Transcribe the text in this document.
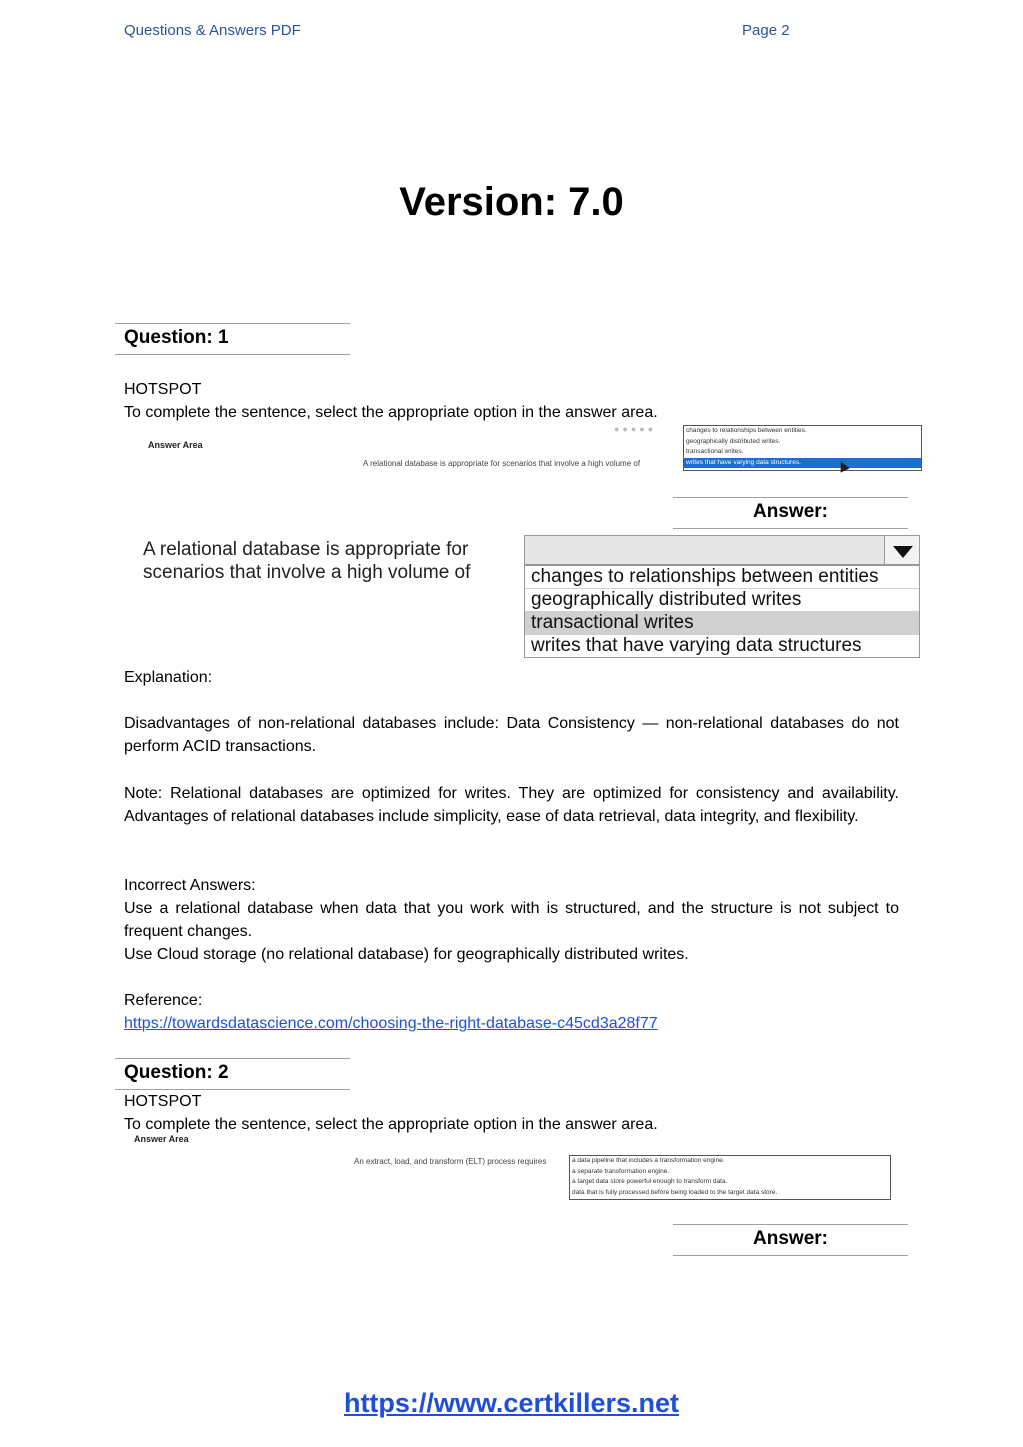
Questions & Answers PDF	Page 2
Version: 7.0
Question: 1
HOTSPOT
To complete the sentence, select the appropriate option in the answer area.
Answer Area
●●●●●
A relational database is appropriate for scenarios that involve a high volume of
changes to relationships between entities.
geographically distributed writes.
transactional writes.
writes that have varying data structures.
Answer:
A relational database is appropriate for scenarios that involve a high volume of	changes to relationships between entities
geographically distributed writes
transactional writes
writes that have varying data structures
Explanation:
Disadvantages of non-relational databases include: Data Consistency — non-relational databases do not perform ACID transactions.
Note: Relational databases are optimized for writes. They are optimized for consistency and availability. Advantages of relational databases include simplicity, ease of data retrieval, data integrity, and flexibility.
Incorrect Answers:
Use a relational database when data that you work with is structured, and the structure is not subject to frequent changes.
Use Cloud storage (no relational database) for geographically distributed writes.
Reference:
https://towardsdatascience.com/choosing-the-right-database-c45cd3a28f77
Question: 2
HOTSPOT
To complete the sentence, select the appropriate option in the answer area.
Answer Area
An extract, load, and transform (ELT) process requires	a data pipeline that includes a transformation engine.
a separate transformation engine.
a target data store powerful enough to transform data.
data that is fully processed before being loaded to the target data store.
Answer:
https://www.certkillers.net
